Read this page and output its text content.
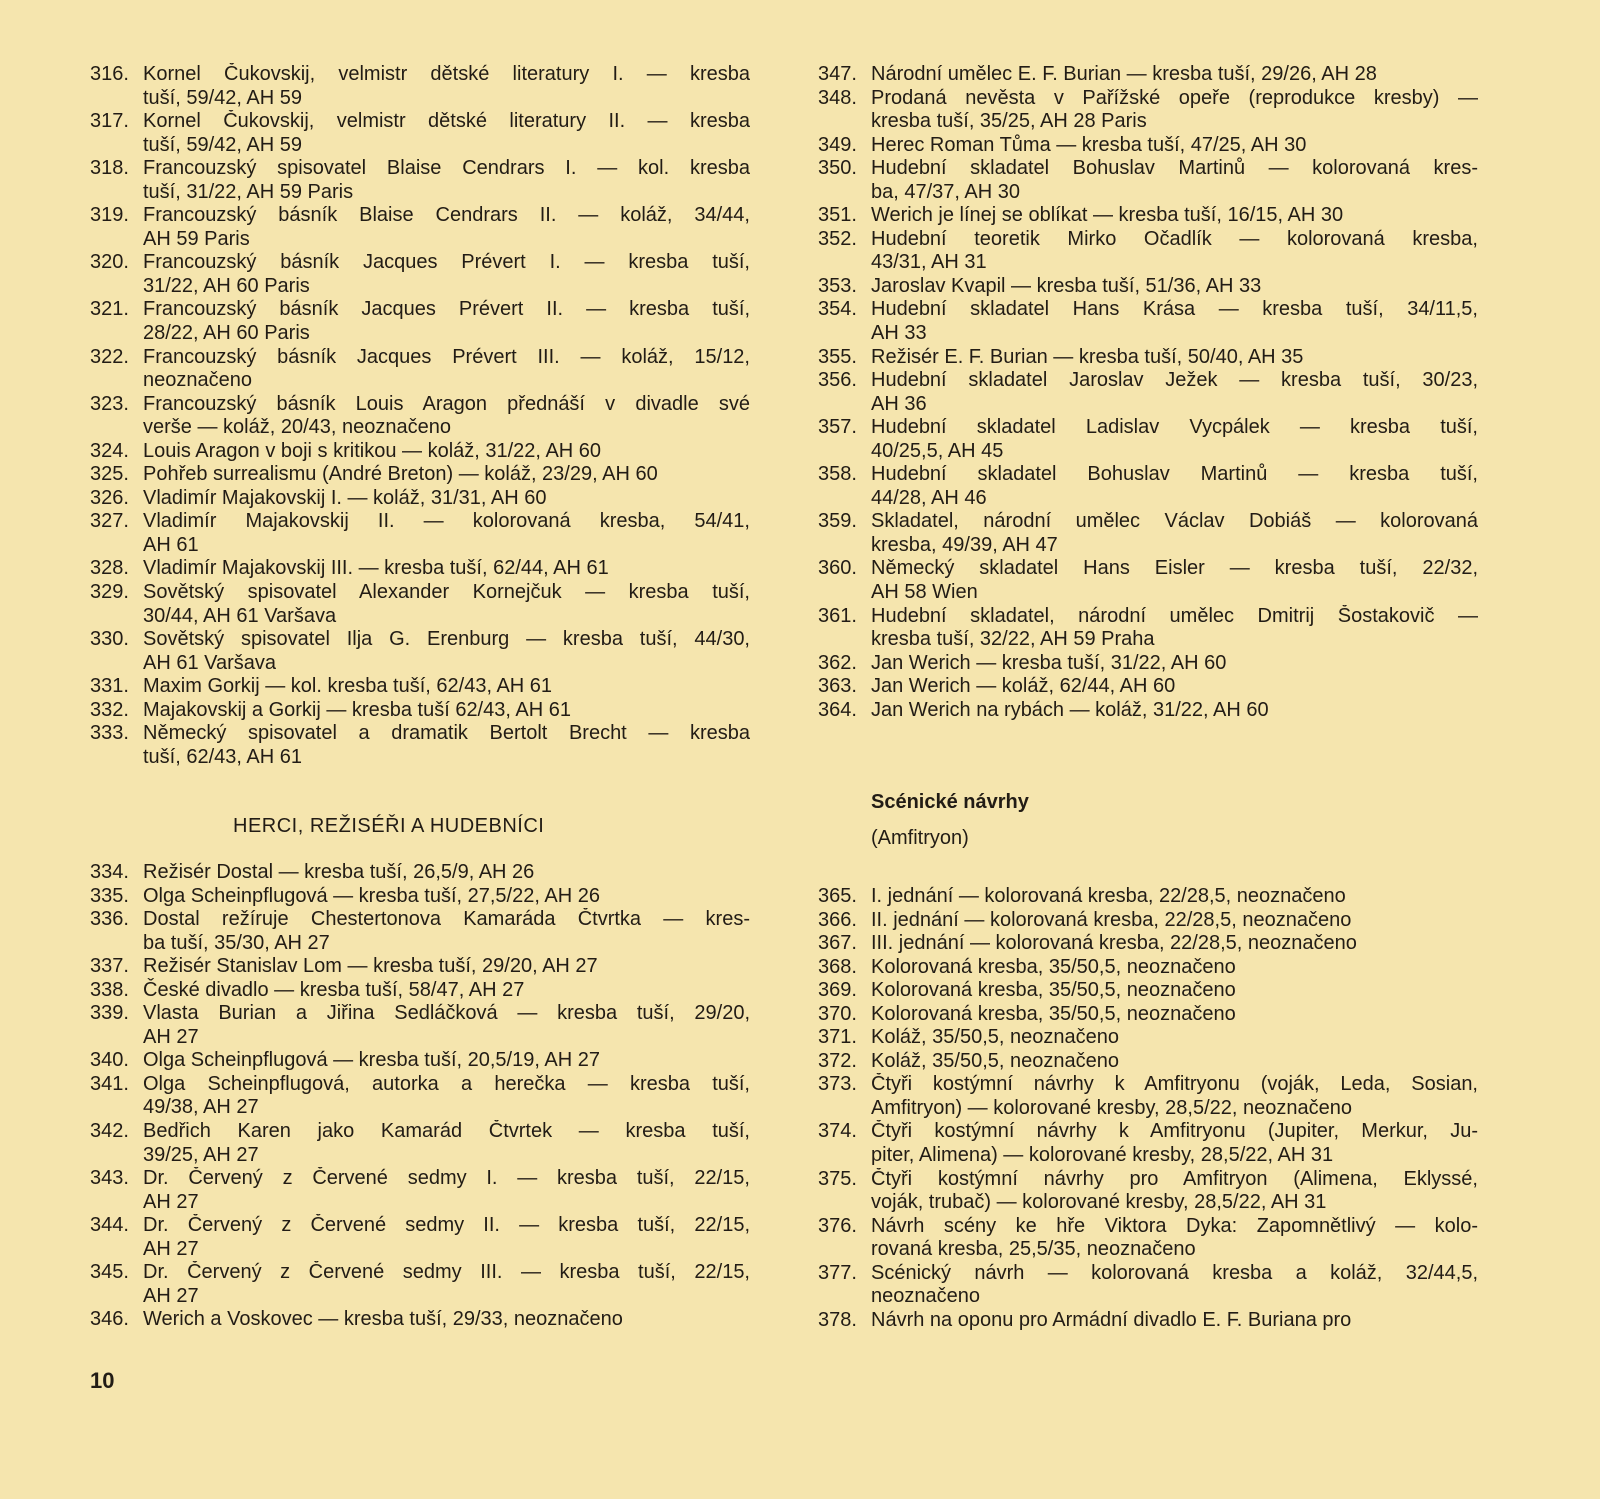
316. Kornel Čukovskij, velmistr dětské literatury I. — kresba
tuší, 59/42, AH 59
317. Kornel Čukovskij, velmistr dětské literatury II. — kresba
tuší, 59/42, AH 59
318. Francouzský spisovatel Blaise Cendrars I. — kol. kresba
tuší, 31/22, AH 59 Paris
319. Francouzský básník Blaise Cendrars II. — koláž, 34/44,
AH 59 Paris
320. Francouzský básník Jacques Prévert I. — kresba tuší,
31/22, AH 60 Paris
321. Francouzský básník Jacques Prévert II. — kresba tuší,
28/22, AH 60 Paris
322. Francouzský básník Jacques Prévert III. — koláž, 15/12,
neoznačeno
323. Francouzský básník Louis Aragon přednáší v divadle své
verše — koláž, 20/43, neoznačeno
324. Louis Aragon v boji s kritikou — koláž, 31/22, AH 60
325. Pohřeb surrealismu (André Breton) — koláž, 23/29, AH 60
326. Vladimír Majakovskij I. — koláž, 31/31, AH 60
327. Vladimír Majakovskij II. — kolorovaná kresba, 54/41,
AH 61
328. Vladimír Majakovskij III. — kresba tuší, 62/44, AH 61
329. Sovětský spisovatel Alexander Kornejčuk — kresba tuší,
30/44, AH 61 Varšava
330. Sovětský spisovatel Ilja G. Erenburg — kresba tuší, 44/30,
AH 61 Varšava
331. Maxim Gorkij — kol. kresba tuší, 62/43, AH 61
332. Majakovskij a Gorkij — kresba tuší 62/43, AH 61
333. Německý spisovatel a dramatik Bertolt Brecht — kresba
tuší, 62/43, AH 61
HERCI, REŽISÉŘI A HUDEBNÍCI
334. Režisér Dostal — kresba tuší, 26,5/9, AH 26
335. Olga Scheinpflugová — kresba tuší, 27,5/22, AH 26
336. Dostal režíruje Chestertonova Kamaráda Čtvrtka — kres-
ba tuší, 35/30, AH 27
337. Režisér Stanislav Lom — kresba tuší, 29/20, AH 27
338. České divadlo — kresba tuší, 58/47, AH 27
339. Vlasta Burian a Jiřina Sedláčková — kresba tuší, 29/20,
AH 27
340. Olga Scheinpflugová — kresba tuší, 20,5/19, AH 27
341. Olga Scheinpflugová, autorka a herečka — kresba tuší,
49/38, AH 27
342. Bedřich Karen jako Kamarád Čtvrtek — kresba tuší,
39/25, AH 27
343. Dr. Červený z Červené sedmy I. — kresba tuší, 22/15,
AH 27
344. Dr. Červený z Červené sedmy II. — kresba tuší, 22/15,
AH 27
345. Dr. Červený z Červené sedmy III. — kresba tuší, 22/15,
AH 27
346. Werich a Voskovec — kresba tuší, 29/33, neoznačeno
347. Národní umělec E. F. Burian — kresba tuší, 29/26, AH 28
348. Prodaná nevěsta v Pařížské opeře (reprodukce kresby) —
kresba tuší, 35/25, AH 28 Paris
349. Herec Roman Tůma — kresba tuší, 47/25, AH 30
350. Hudební skladatel Bohuslav Martinů — kolorovaná kres-
ba, 47/37, AH 30
351. Werich je línej se oblíkat — kresba tuší, 16/15, AH 30
352. Hudební teoretik Mirko Očadlík — kolorovaná kresba,
43/31, AH 31
353. Jaroslav Kvapil — kresba tuší, 51/36, AH 33
354. Hudební skladatel Hans Krása — kresba tuší, 34/11,5,
AH 33
355. Režisér E. F. Burian — kresba tuší, 50/40, AH 35
356. Hudební skladatel Jaroslav Ježek — kresba tuší, 30/23,
AH 36
357. Hudební skladatel Ladislav Vycpálek — kresba tuší,
40/25,5, AH 45
358. Hudební skladatel Bohuslav Martinů — kresba tuší,
44/28, AH 46
359. Skladatel, národní umělec Václav Dobiáš — kolorovaná
kresba, 49/39, AH 47
360. Německý skladatel Hans Eisler — kresba tuší, 22/32,
AH 58 Wien
361. Hudební skladatel, národní umělec Dmitrij Šostakovič —
kresba tuší, 32/22, AH 59 Praha
362. Jan Werich — kresba tuší, 31/22, AH 60
363. Jan Werich — koláž, 62/44, AH 60
364. Jan Werich na rybách — koláž, 31/22, AH 60
Scénické návrhy
(Amfitryon)
365. I. jednání — kolorovaná kresba, 22/28,5, neoznačeno
366. II. jednání — kolorovaná kresba, 22/28,5, neoznačeno
367. III. jednání — kolorovaná kresba, 22/28,5, neoznačeno
368. Kolorovaná kresba, 35/50,5, neoznačeno
369. Kolorovaná kresba, 35/50,5, neoznačeno
370. Kolorovaná kresba, 35/50,5, neoznačeno
371. Koláž, 35/50,5, neoznačeno
372. Koláž, 35/50,5, neoznačeno
373. Čtyři kostýmní návrhy k Amfitryonu (voják, Leda, Sosian,
Amfitryon) — kolorované kresby, 28,5/22, neoznačeno
374. Čtyři kostýmní návrhy k Amfitryonu (Jupiter, Merkur, Ju-
piter, Alimena) — kolorované kresby, 28,5/22, AH 31
375. Čtyři kostýmní návrhy pro Amfitryon (Alimena, Eklyssé,
voják, trubač) — kolorované kresby, 28,5/22, AH 31
376. Návrh scény ke hře Viktora Dyka: Zapomnětlivý — kolo-
rovaná kresba, 25,5/35, neoznačeno
377. Scénický návrh — kolorovaná kresba a koláž, 32/44,5,
neoznačeno
378. Návrh na oponu pro Armádní divadlo E. F. Buriana pro
10
